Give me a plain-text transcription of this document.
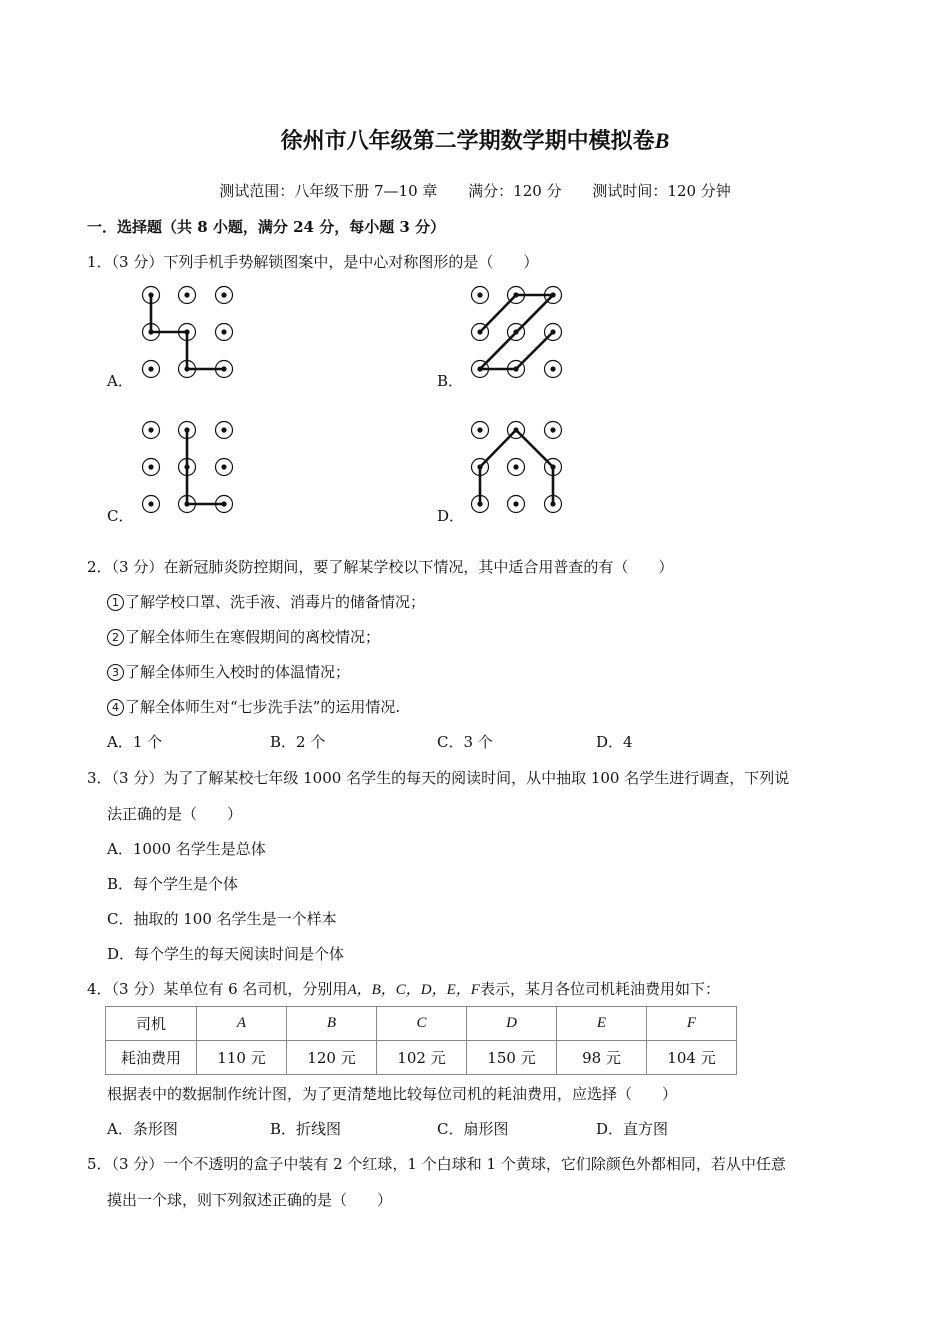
徐州市八年级第二学期数学期中模拟卷B
测试范围：八年级下册 7—10 章 满分：120 分 测试时间：120 分钟
一．选择题（共 8 小题，满分 24 分，每小题 3 分）
1．（3 分）下列手机手势解锁图案中，是中心对称图形的是（　　）
A．	B．
C．	D．
2．（3 分）在新冠肺炎防控期间，要了解某学校以下情况，其中适合用普查的有（　　）
1 了解学校口罩、洗手液、消毒片的储备情况；
2 了解全体师生在寒假期间的离校情况；
3 了解全体师生入校时的体温情况；
4 了解全体师生对“七步洗手法”的运用情况.
A．1 个	B．2 个	C．3 个	D．4
3．（3 分）为了了解某校七年级 1000 名学生的每天的阅读时间，从中抽取 100 名学生进行调查，下列说
法正确的是（　　）
A．1000 名学生是总体
B．每个学生是个体
C．抽取的 100 名学生是一个样本
D．每个学生的每天阅读时间是个体
4．（3 分）某单位有 6 名司机，分别用A，B，C，D，E，F表示，某月各位司机耗油费用如下：
司机	A	B	C	D	E	F
耗油费用	110 元	120 元	102 元	150 元	98 元	104 元
根据表中的数据制作统计图，为了更清楚地比较每位司机的耗油费用，应选择（　　）
A．条形图	B．折线图	C．扇形图	D．直方图
5．（3 分）一个不透明的盒子中装有 2 个红球，1 个白球和 1 个黄球，它们除颜色外都相同，若从中任意
摸出一个球，则下列叙述正确的是（　　）
